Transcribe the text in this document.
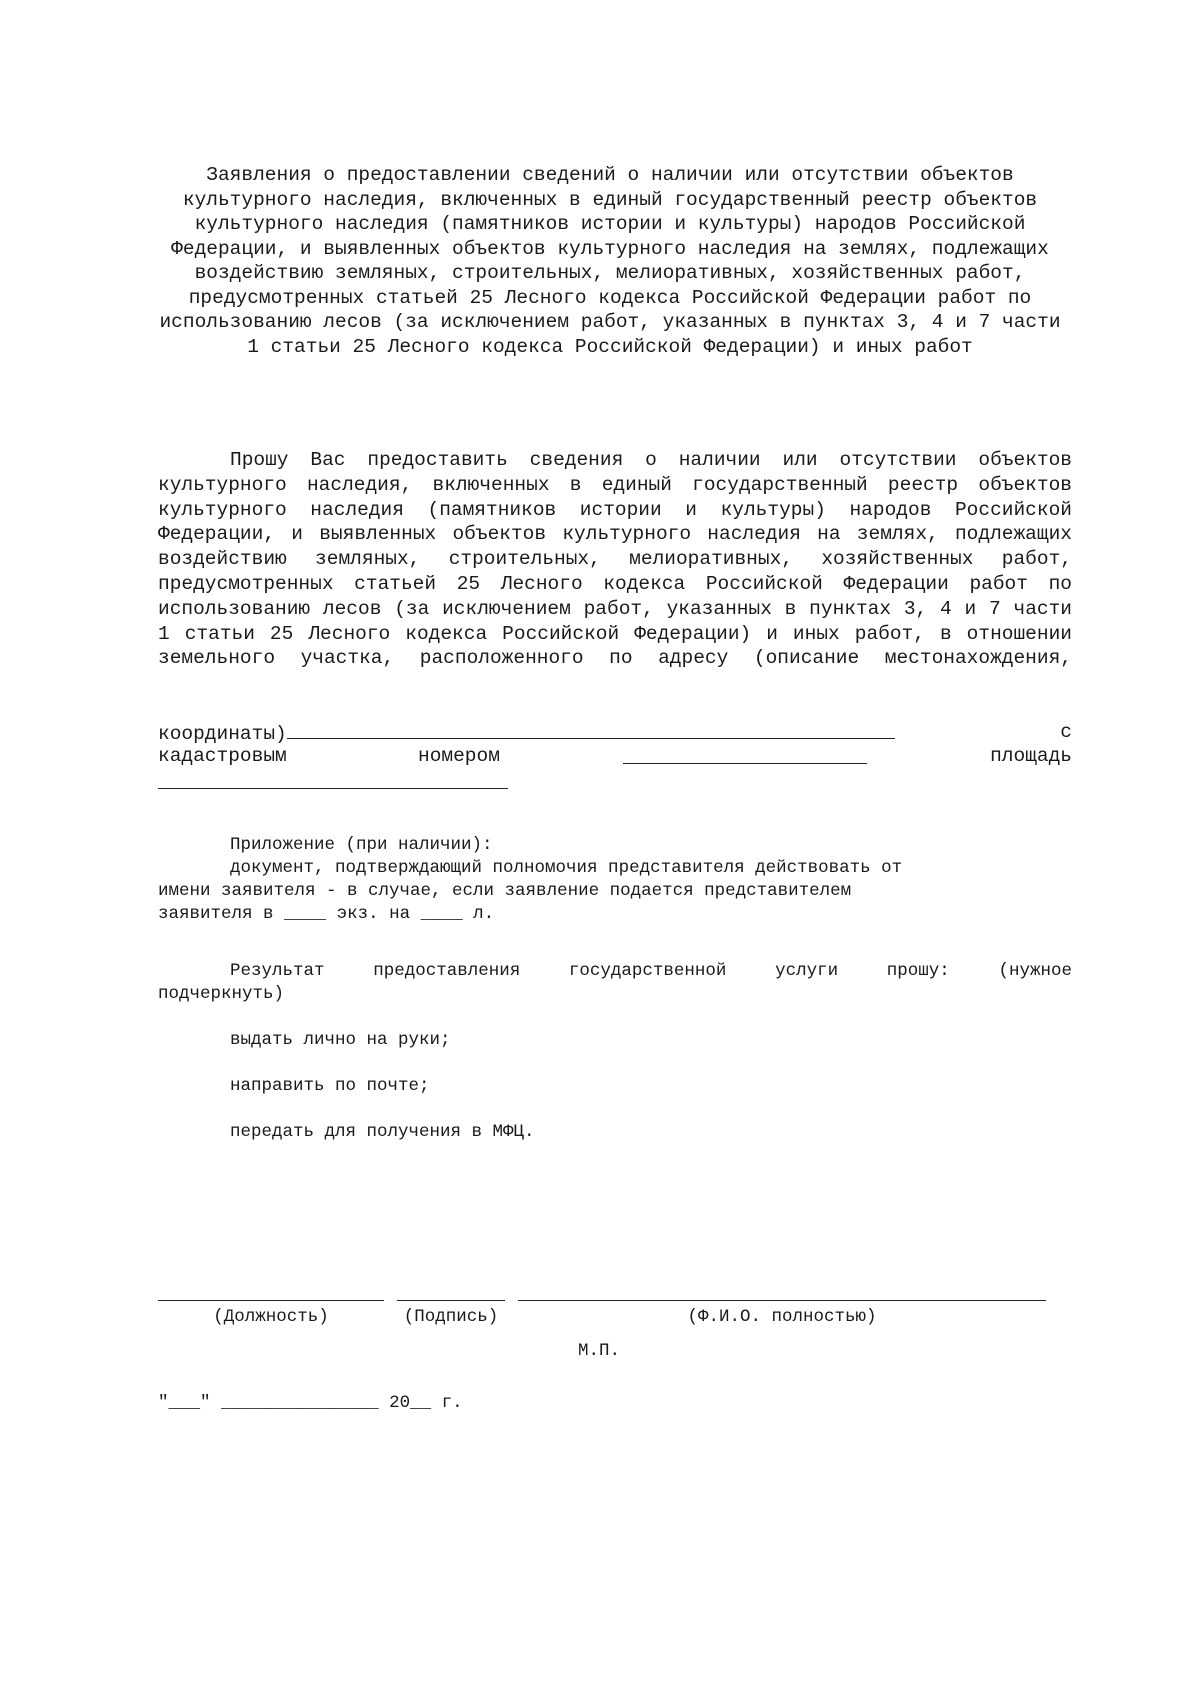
Заявления о предоставлении сведений о наличии или отсутствии объектов культурного наследия, включенных в единый государственный реестр объектов культурного наследия (памятников истории и культуры) народов Российской Федерации, и выявленных объектов культурного наследия на землях, подлежащих воздействию земляных, строительных, мелиоративных, хозяйственных работ, предусмотренных статьей 25 Лесного кодекса Российской Федерации работ по использованию лесов (за исключением работ, указанных в пунктах 3, 4 и 7 части 1 статьи 25 Лесного кодекса Российской Федерации) и иных работ

Прошу Вас предоставить сведения о наличии или отсутствии объектов культурного наследия, включенных в единый государственный реестр объектов культурного наследия (памятников истории и культуры) народов Российской Федерации, и выявленных объектов культурного наследия на землях, подлежащих воздействию земляных, строительных, мелиоративных, хозяйственных работ, предусмотренных статьей 25 Лесного кодекса Российской Федерации работ по использованию лесов (за исключением работ, указанных в пунктах 3, 4 и 7 части 1 статьи 25 Лесного кодекса Российской Федерации) и иных работ, в отношении земельного участка, расположенного по адресу (описание местонахождения,

координаты)	с
кадастровым	номером	площадь

Приложение (при наличии):

документ, подтверждающий полномочия представителя действовать от

имени заявителя - в случае, если заявление подается представителем

заявителя в ____ экз. на ____ л.

Результат предоставления государственной услуги прошу: (нужное

подчеркнуть)

выдать лично на руки;

направить по почте;

передать для получения в МФЦ.

(Должность)	(Подпись)	(Ф.И.О. полностью)
М.П.
"___" _______________ 20__ г.
